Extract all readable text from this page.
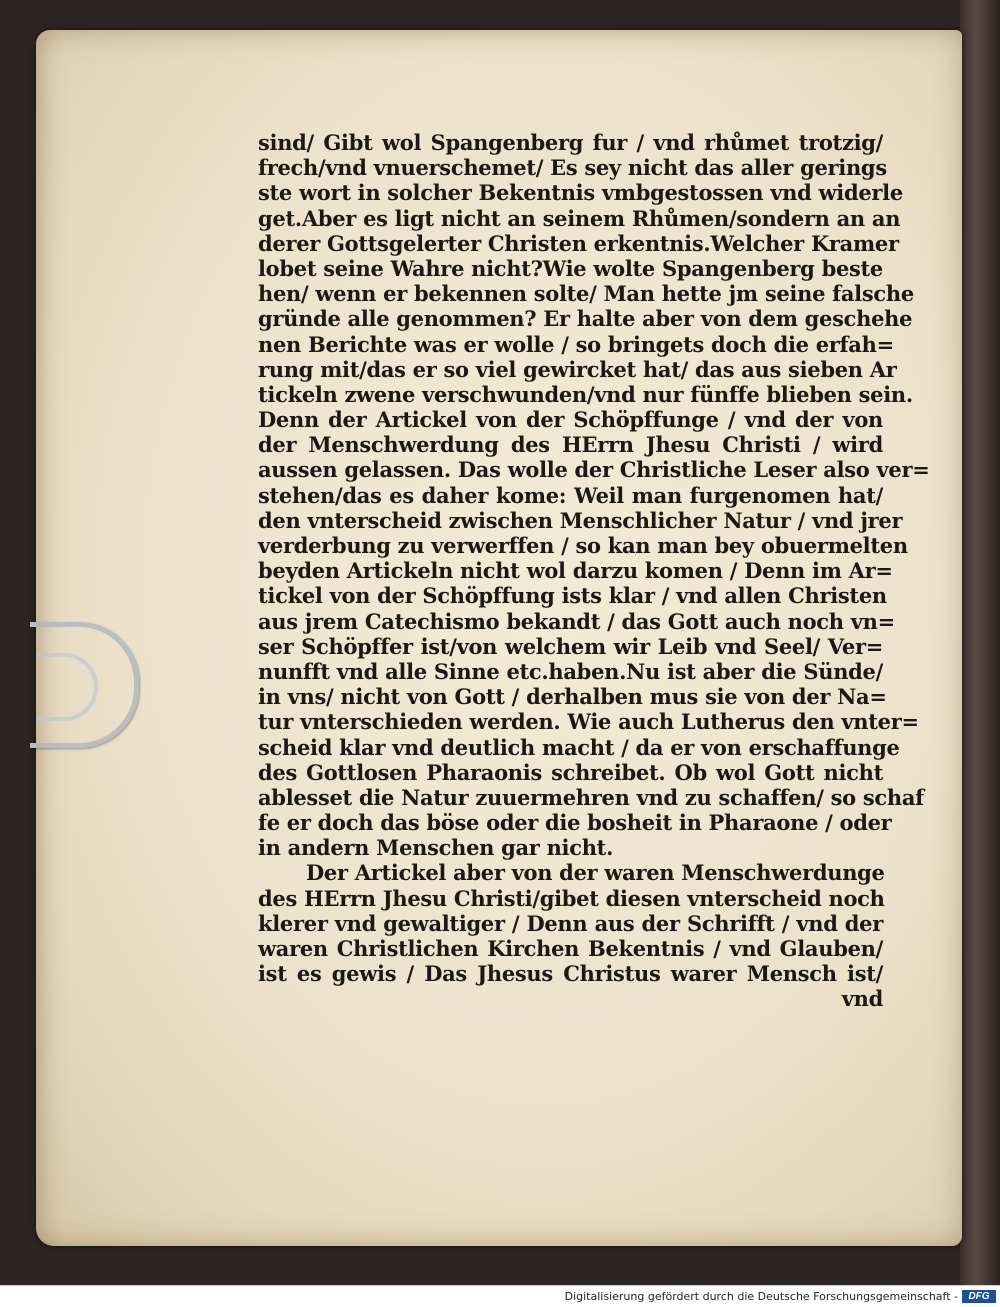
sind/ Gibt wol Spangenberg fur / vnd rhůmet trotzig/
frech/vnd vnuerschemet/ Es sey nicht das aller gerings
ste wort in solcher Bekentnis vmbgestossen vnd widerle
get.Aber es ligt nicht an seinem Rhůmen/sondern an an
derer Gottsgelerter Christen erkentnis.Welcher Kramer
lobet seine Wahre nicht?Wie wolte Spangenberg beste
hen/ wenn er bekennen solte/ Man hette jm seine falsche
gründe alle genommen? Er halte aber von dem geschehe
nen Berichte was er wolle / so bringets doch die erfah=
rung mit/das er so viel gewircket hat/ das aus sieben Ar
tickeln zwene verschwunden/vnd nur fünffe blieben sein.
Denn der Artickel von der Schöpffunge / vnd der von
der Menschwerdung des HErrn Jhesu Christi / wird
aussen gelassen. Das wolle der Christliche Leser also ver=
stehen/das es daher kome: Weil man furgenomen hat/
den vnterscheid zwischen Menschlicher Natur / vnd jrer
verderbung zu verwerffen / so kan man bey obuermelten
beyden Artickeln nicht wol darzu komen / Denn im Ar=
tickel von der Schöpffung ists klar / vnd allen Christen
aus jrem Catechismo bekandt / das Gott auch noch vn=
ser Schöpffer ist/von welchem wir Leib vnd Seel/ Ver=
nunfft vnd alle Sinne etc.haben.Nu ist aber die Sünde/
in vns/ nicht von Gott / derhalben mus sie von der Na=
tur vnterschieden werden. Wie auch Lutherus den vnter=
scheid klar vnd deutlich macht / da er von erschaffunge
des Gottlosen Pharaonis schreibet. Ob wol Gott nicht
ablesset die Natur zuuermehren vnd zu schaffen/ so schaf
fe er doch das böse oder die bosheit in Pharaone / oder
in andern Menschen gar nicht.
Der Artickel aber von der waren Menschwerdunge
des HErrn Jhesu Christi/gibet diesen vnterscheid noch
klerer vnd gewaltiger / Denn aus der Schrifft / vnd der
waren Christlichen Kirchen Bekentnis / vnd Glauben/
ist es gewis / Das Jhesus Christus warer Mensch ist/
vnd
Digitalisierung gefördert durch die Deutsche Forschungsgemeinschaft -	DFG
